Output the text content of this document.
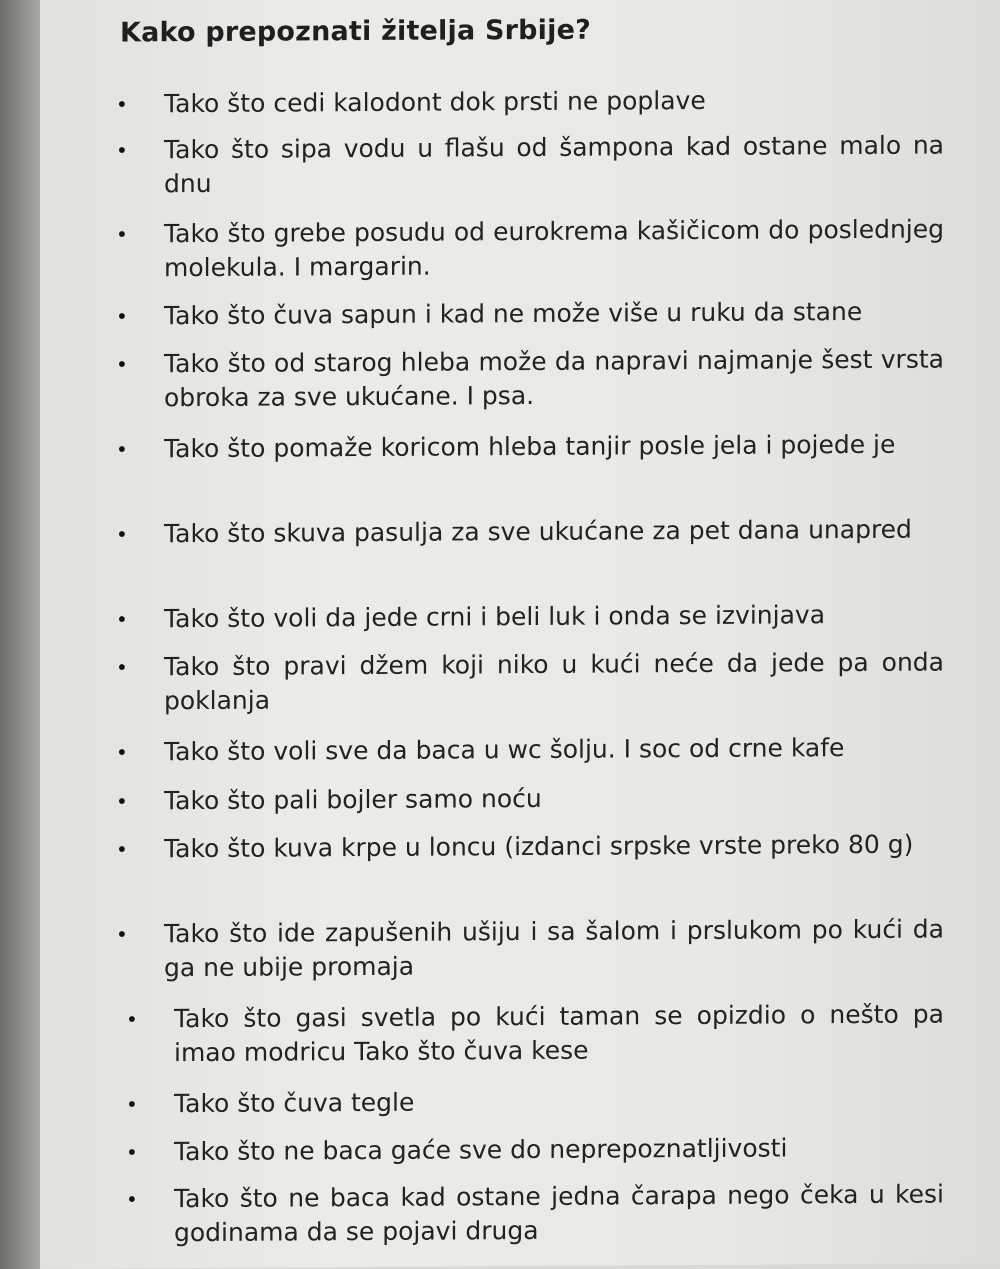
Kako prepoznati žitelja Srbije?
• Tako što cedi kalodont dok prsti ne poplave
• Tako što sipa vodu u flašu od šampona kad ostane malo na dnu
• Tako što grebe posudu od eurokrema kašičicom do poslednjeg molekula. I margarin.
• Tako što čuva sapun i kad ne može više u ruku da stane
• Tako što od starog hleba može da napravi najmanje šest vrsta obroka za sve ukućane. I psa.
• Tako što pomaže koricom hleba tanjir posle jela i pojede je
• Tako što skuva pasulja za sve ukućane za pet dana unapred
• Tako što voli da jede crni i beli luk i onda se izvinjava
• Tako što pravi džem koji niko u kući neće da jede pa onda poklanja
• Tako što voli sve da baca u wc šolju. I soc od crne kafe
• Tako što pali bojler samo noću
• Tako što kuva krpe u loncu (izdanci srpske vrste preko 80 g)
• Tako što ide zapušenih ušiju i sa šalom i prslukom po kući da ga ne ubije promaja
• Tako što gasi svetla po kući taman se opizdio o nešto pa imao modricu Tako što čuva kese
• Tako što čuva tegle
• Tako što ne baca gaće sve do neprepoznatljivosti
• Tako što ne baca kad ostane jedna čarapa nego čeka u kesi godinama da se pojavi druga
